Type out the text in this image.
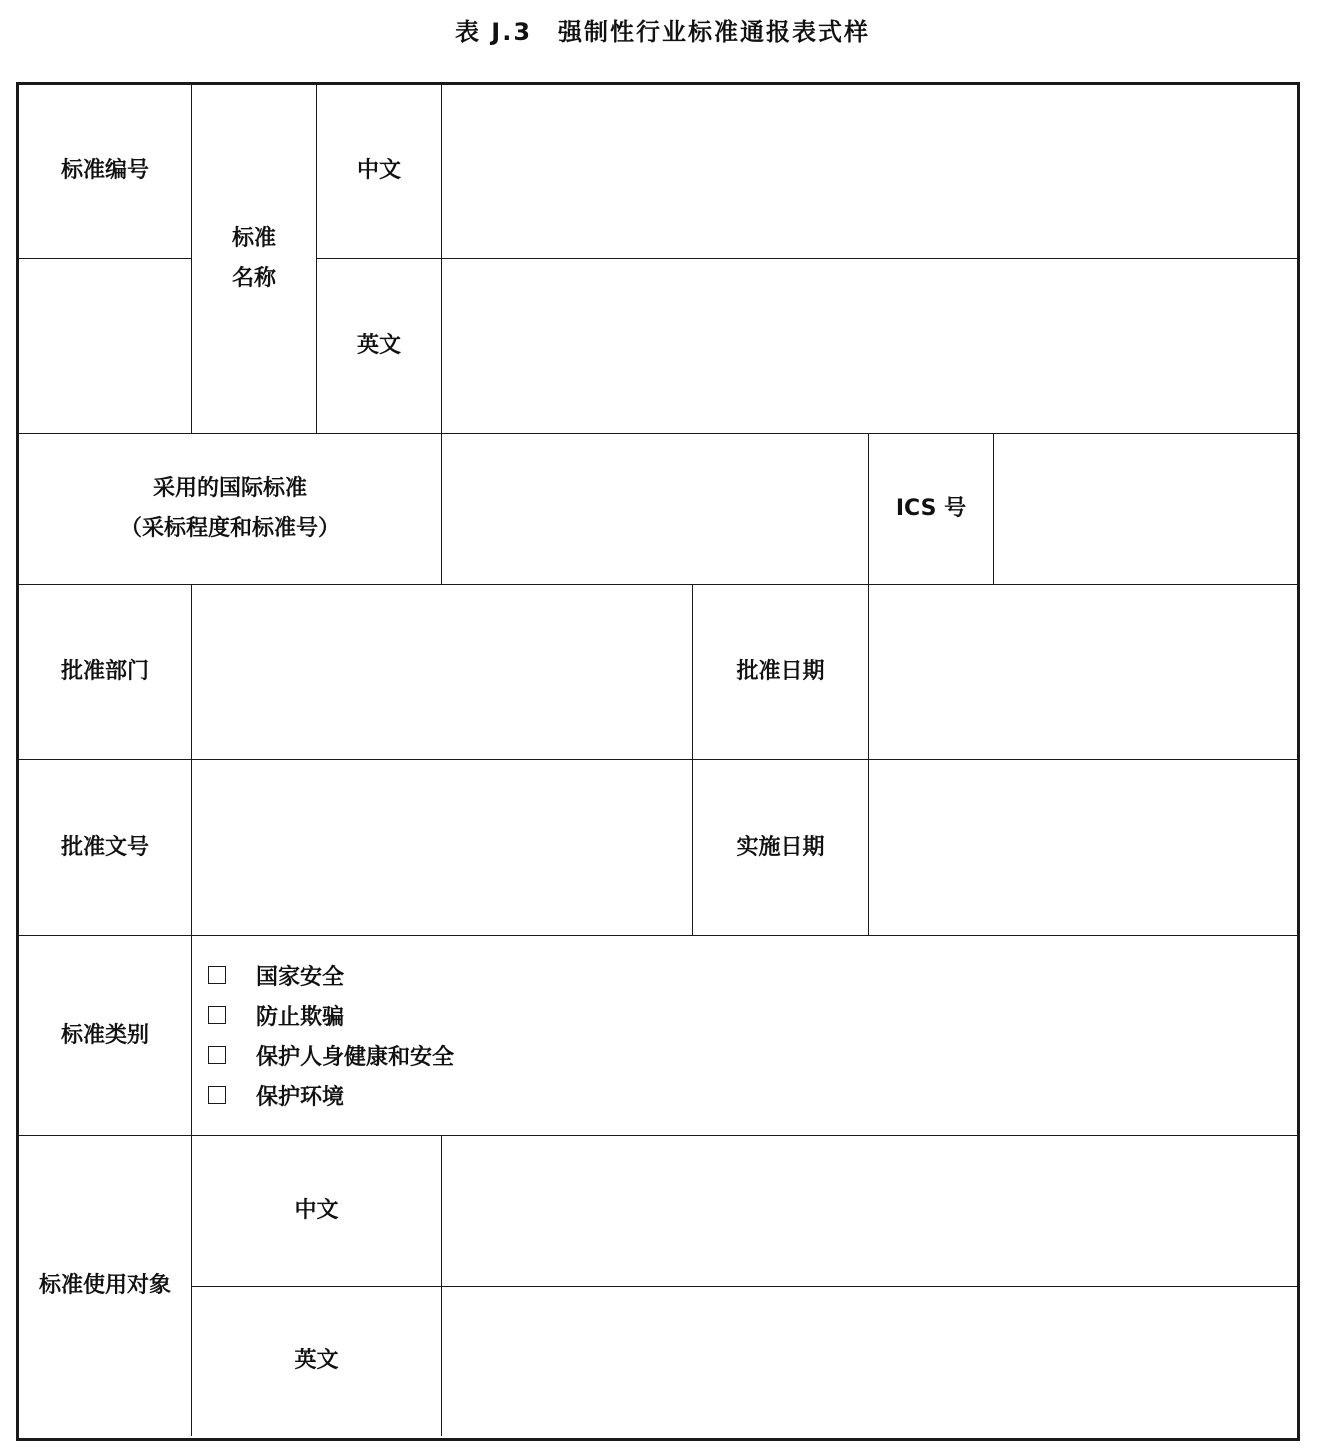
表 J.3 强制性行业标准通报表式样
标准编号
标准
名称
中文
英文
采用的国际标准
（采标程度和标准号）
ICS 号
批准部门	批准日期
批准文号	实施日期
标准类别
国家安全
防止欺骗
保护人身健康和安全
保护环境
标准使用对象
中文
英文
